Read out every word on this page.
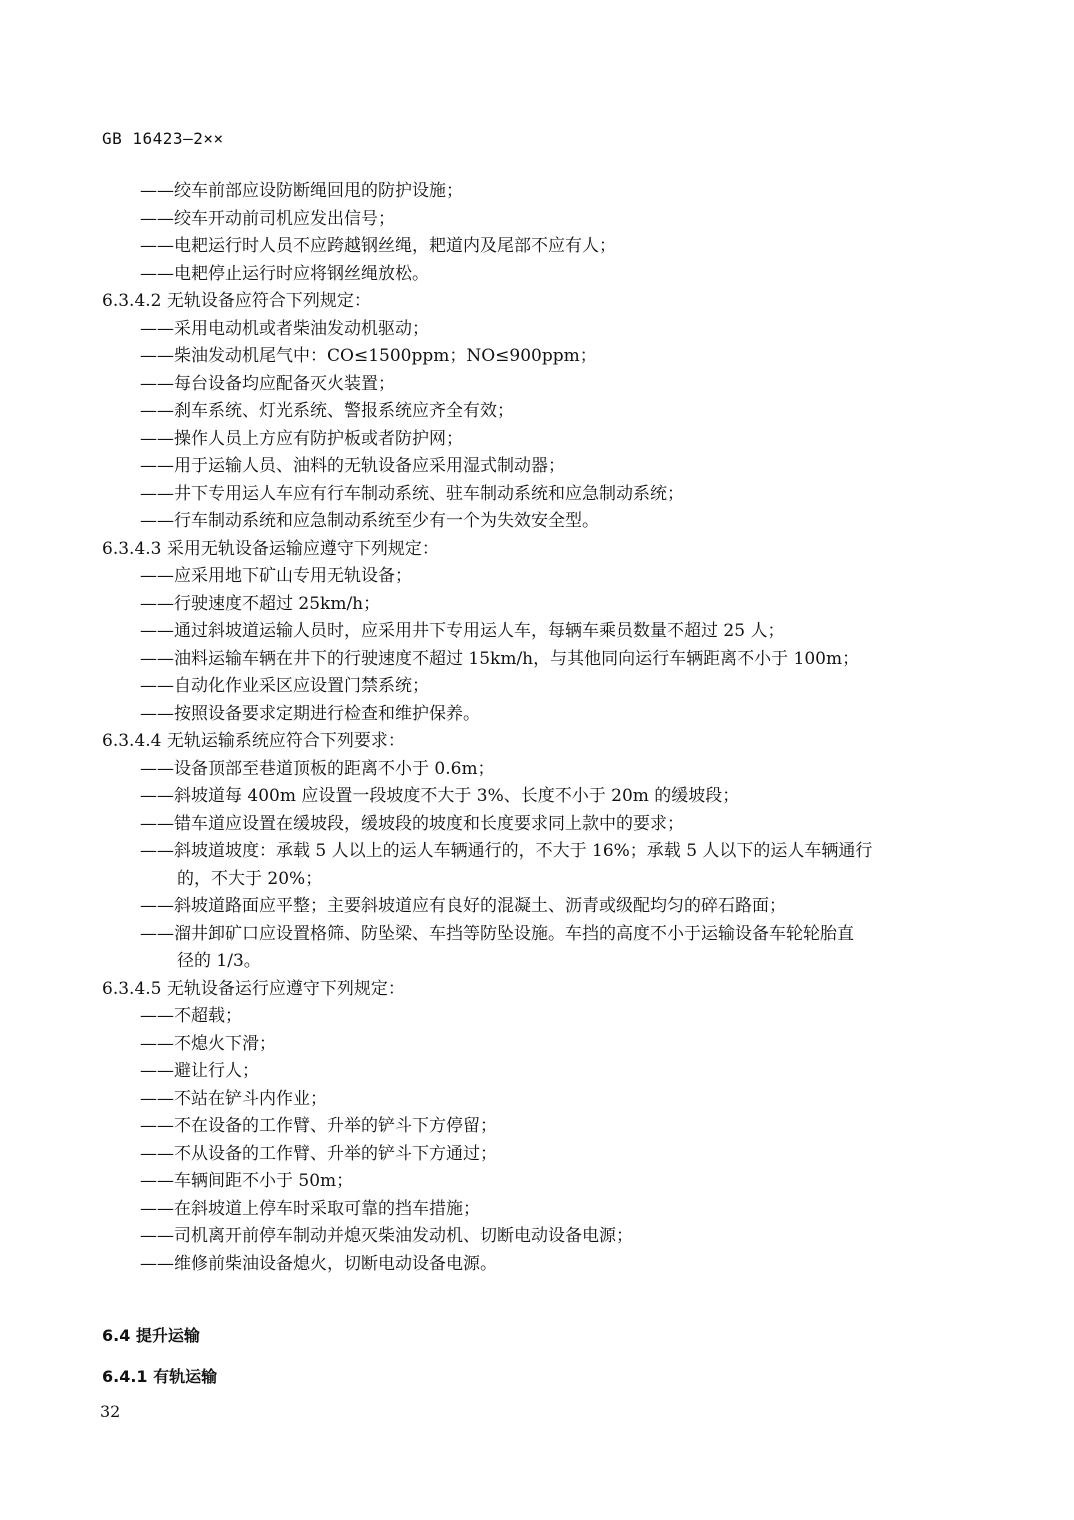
GB 16423—2××
——绞车前部应设防断绳回甩的防护设施；
——绞车开动前司机应发出信号；
——电耙运行时人员不应跨越钢丝绳，耙道内及尾部不应有人；
——电耙停止运行时应将钢丝绳放松。
6.3.4.2 无轨设备应符合下列规定：
——采用电动机或者柴油发动机驱动；
——柴油发动机尾气中：CO≤1500ppm；NO≤900ppm；
——每台设备均应配备灭火装置；
——刹车系统、灯光系统、警报系统应齐全有效；
——操作人员上方应有防护板或者防护网；
——用于运输人员、油料的无轨设备应采用湿式制动器；
——井下专用运人车应有行车制动系统、驻车制动系统和应急制动系统；
——行车制动系统和应急制动系统至少有一个为失效安全型。
6.3.4.3 采用无轨设备运输应遵守下列规定：
——应采用地下矿山专用无轨设备；
——行驶速度不超过 25km/h；
——通过斜坡道运输人员时，应采用井下专用运人车，每辆车乘员数量不超过 25 人；
——油料运输车辆在井下的行驶速度不超过 15km/h，与其他同向运行车辆距离不小于 100m；
——自动化作业采区应设置门禁系统；
——按照设备要求定期进行检查和维护保养。
6.3.4.4 无轨运输系统应符合下列要求：
——设备顶部至巷道顶板的距离不小于 0.6m；
——斜坡道每 400m 应设置一段坡度不大于 3%、长度不小于 20m 的缓坡段；
——错车道应设置在缓坡段，缓坡段的坡度和长度要求同上款中的要求；
——斜坡道坡度：承载 5 人以上的运人车辆通行的，不大于 16%；承载 5 人以下的运人车辆通行
的，不大于 20%；
——斜坡道路面应平整；主要斜坡道应有良好的混凝土、沥青或级配均匀的碎石路面；
——溜井卸矿口应设置格筛、防坠梁、车挡等防坠设施。车挡的高度不小于运输设备车轮轮胎直
径的 1/3。
6.3.4.5 无轨设备运行应遵守下列规定：
——不超载；
——不熄火下滑；
——避让行人；
——不站在铲斗内作业；
——不在设备的工作臂、升举的铲斗下方停留；
——不从设备的工作臂、升举的铲斗下方通过；
——车辆间距不小于 50m；
——在斜坡道上停车时采取可靠的挡车措施；
——司机离开前停车制动并熄灭柴油发动机、切断电动设备电源；
——维修前柴油设备熄火，切断电动设备电源。
6.4 提升运输
6.4.1 有轨运输
32
